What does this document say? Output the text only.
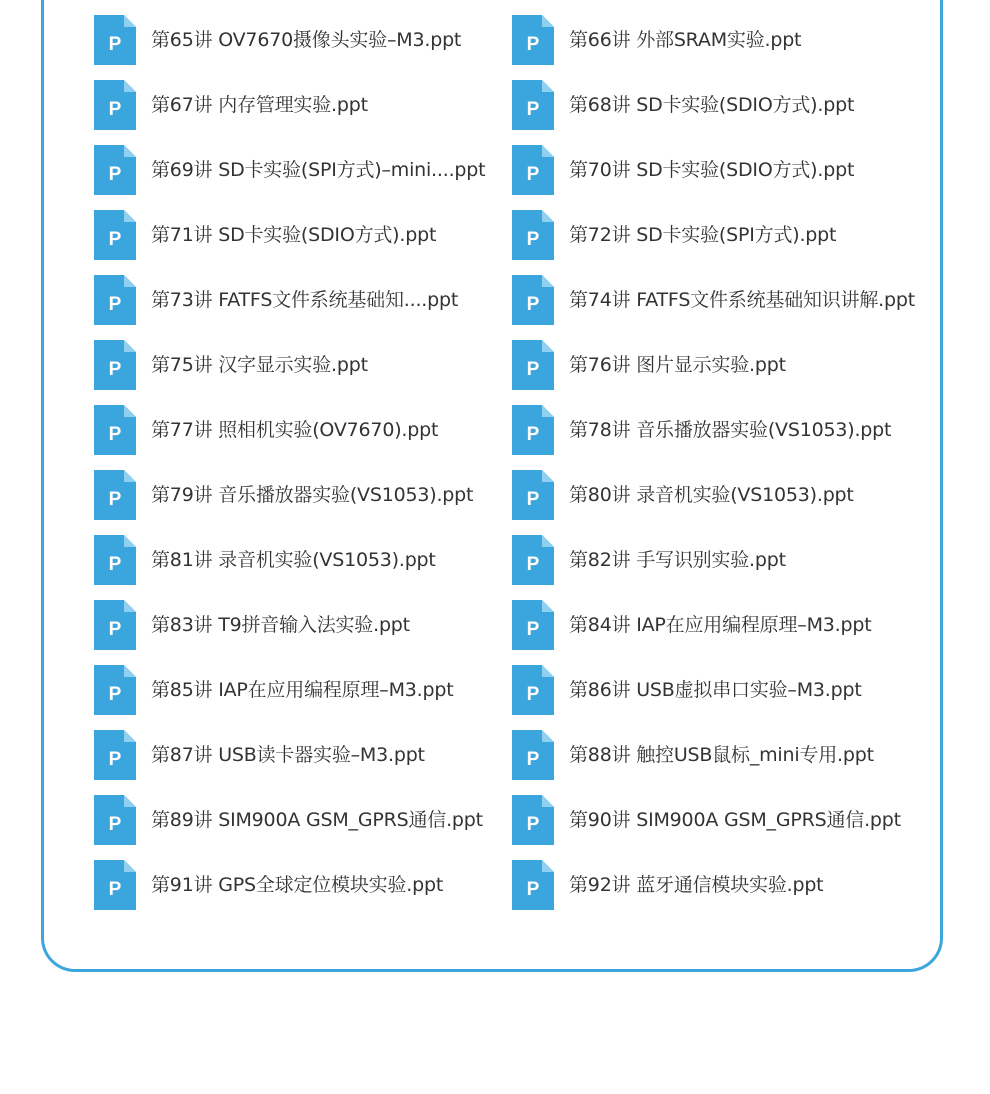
P 第65讲 OV7670摄像头实验–M3.ppt	P 第66讲 外部SRAM实验.ppt
P 第67讲 内存管理实验.ppt	P 第68讲 SD卡实验(SDIO方式).ppt
P 第69讲 SD卡实验(SPI方式)–mini....ppt P 第70讲 SD卡实验(SDIO方式).ppt
P 第71讲 SD卡实验(SDIO方式).ppt	P 第72讲 SD卡实验(SPI方式).ppt
P 第73讲 FATFS文件系统基础知....ppt	P 第74讲 FATFS文件系统基础知识讲解.ppt
P 第75讲 汉字显示实验.ppt	P 第76讲 图片显示实验.ppt
P 第77讲 照相机实验(OV7670).ppt	P 第78讲 音乐播放器实验(VS1053).ppt
P 第79讲 音乐播放器实验(VS1053).ppt	P 第80讲 录音机实验(VS1053).ppt
P 第81讲 录音机实验(VS1053).ppt	P 第82讲 手写识别实验.ppt
P 第83讲 T9拼音输入法实验.ppt	P 第84讲 IAP在应用编程原理–M3.ppt
P 第85讲 IAP在应用编程原理–M3.ppt	P 第86讲 USB虚拟串口实验–M3.ppt
P 第87讲 USB读卡器实验–M3.ppt	P 第88讲 触控USB鼠标_mini专用.ppt
P 第89讲 SIM900A GSM_GPRS通信.ppt P 第90讲 SIM900A GSM_GPRS通信.ppt
P 第91讲 GPS全球定位模块实验.ppt	P 第92讲 蓝牙通信模块实验.ppt
